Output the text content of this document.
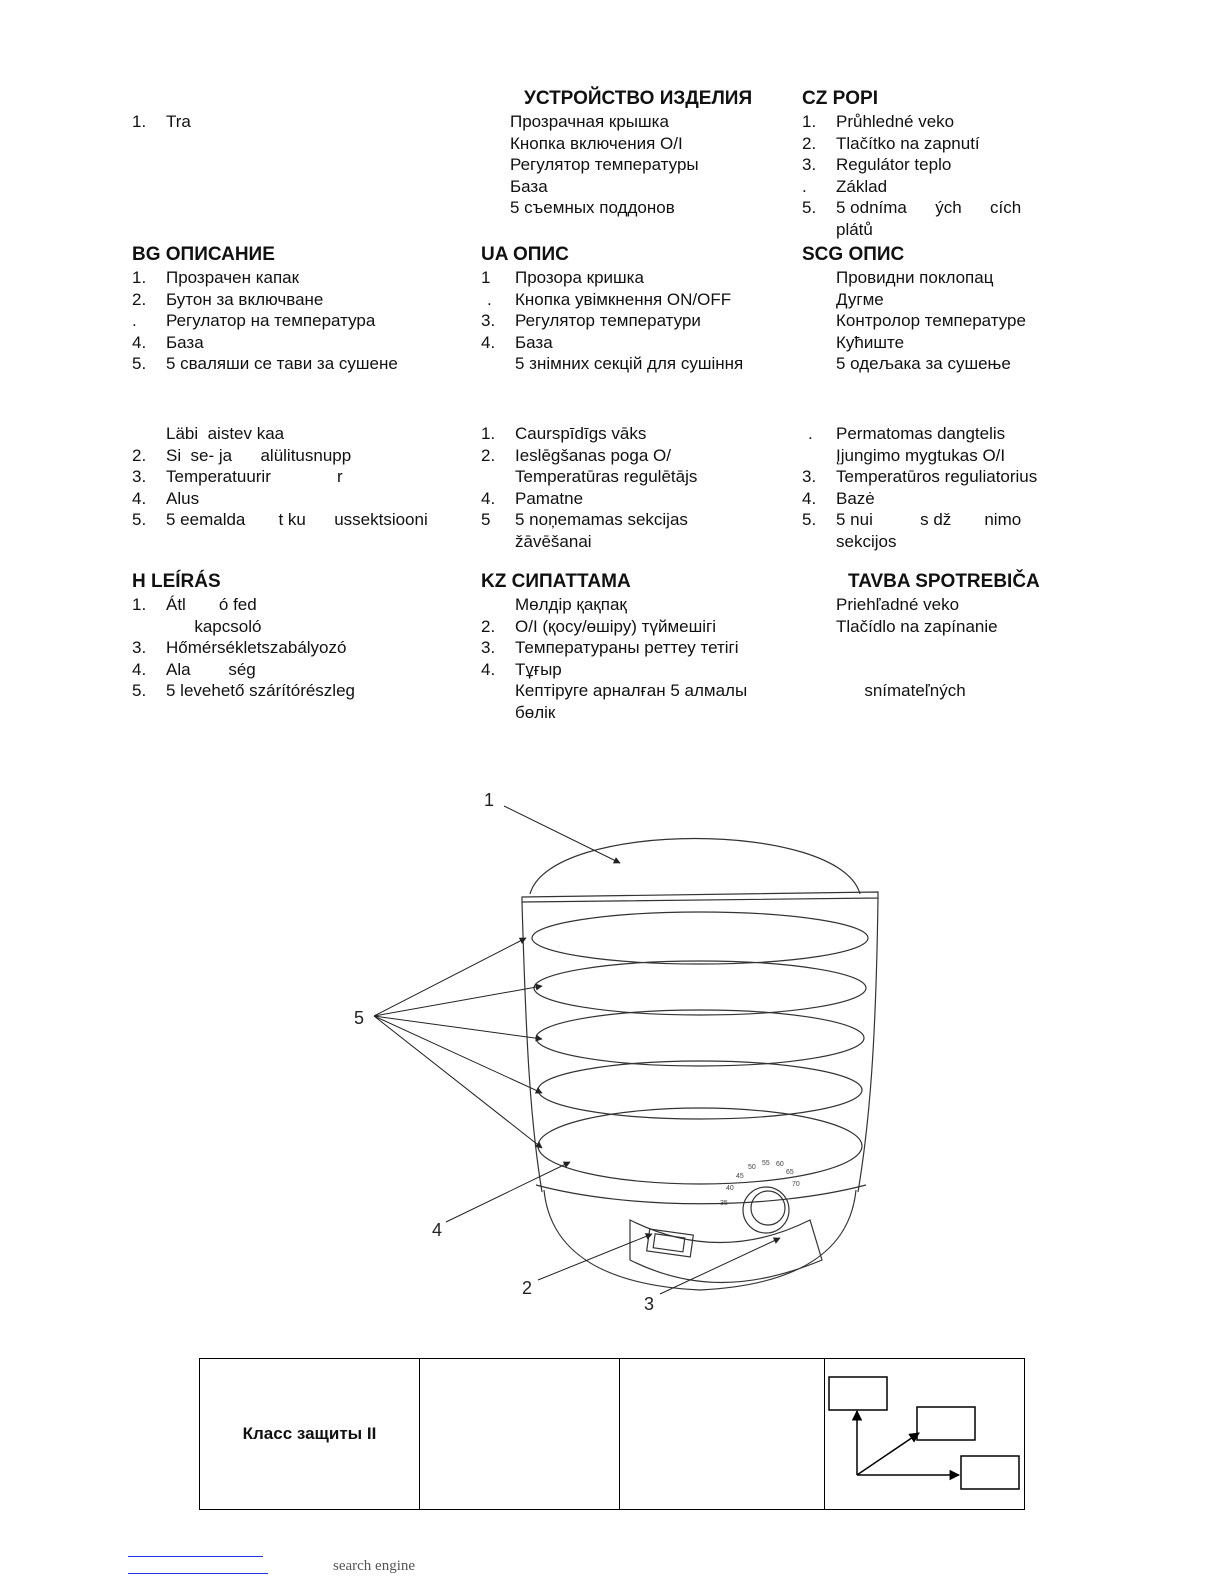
УСТРОЙСТВО ИЗДЕЛИЯ
Прозрачная крышка
Кнопка включения O/I
Регулятор температуры
База
5 съемных поддонов
1. Tra
CZ POPI
1. Průhledné veko
2. Tlačítko na zapnutí
3. Regulátor teplo
. Základ
5. 5 odníma      ých      cích
plátů
BG ОПИСАНИЕ
1. Прозрачен капак
2. Бутон за включване
. Регулатор на температура
4. База
5. 5 сваляши се тави за сушене
UA ОПИС
1 Прозора кришка
. Кнопка увімкнення ON/OFF
3. Регулятор температури
4. База
5 знімних секцій для сушіння
SCG ОПИС
Провидни поклопац
Дугме
Контролор температуре
Кућиште
5 одељака за сушење
Läbi  aistev kaa
2. Si  se- ja      alülitusnupp
3. Temperatuurir              r
4. Alus
5. 5 eemalda       t ku      ussektsiooni
1. Caurspīdīgs vāks
2. Ieslēgšanas poga O/
Temperatūras regulētājs
4. Pamatne
5 5 noņemamas sekcijas
žāvēšanai
. Permatomas dangtelis
Įjungimo mygtukas O/I
3. Temperatūros reguliatorius
4. Bazė
5. 5 nui          s dž       nimo
sekcijos
H LEÍRÁS
1. Átl       ó fed
kapcsoló
3. Hőmérsékletszabályozó
4. Ala        ség
5. 5 levehető szárítórészleg
KZ СИПАТТАМА
Мөлдір қақпақ
2. O/I (қосу/өшіру) түймешігі
3. Температураны реттеу тетігі
4. Тұғыр
Кептіруге арналған 5 алмалы
бөлік
TAVBA SPOTREBIČA
Priehľadné veko
Tlačídlo na zapínanie
snímateľných
35
40
45
50
55 60
65
70
1
5
4
2
3
Класс защиты II
search engine
